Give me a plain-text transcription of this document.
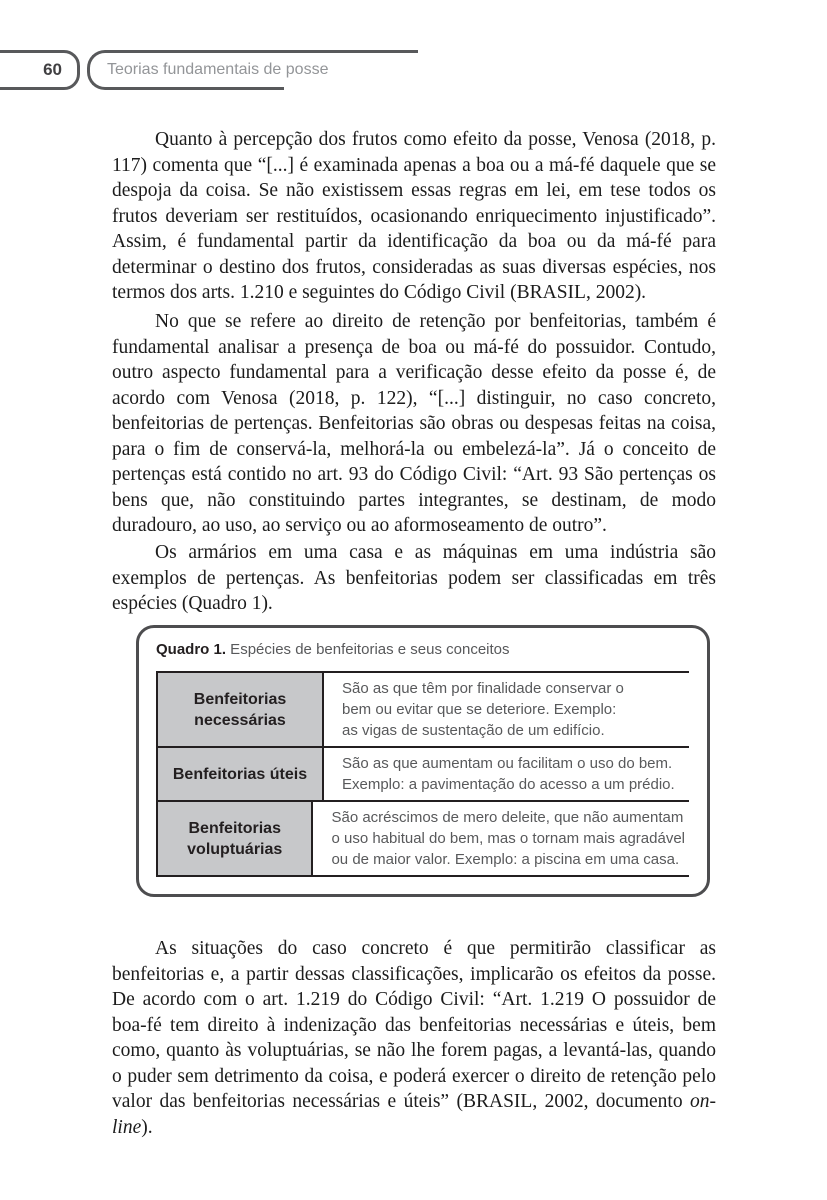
60	Teorias fundamentais de posse

Quanto à percepção dos frutos como efeito da posse, Venosa (2018, p. 117) comenta que “[...] é examinada apenas a boa ou a má-fé daquele que se despoja da coisa. Se não existissem essas regras em lei, em tese todos os frutos deveriam ser restituídos, ocasionando enriquecimento injustificado”. Assim, é fundamental partir da identificação da boa ou da má-fé para determinar o destino dos frutos, consideradas as suas diversas espécies, nos termos dos arts. 1.210 e seguintes do Código Civil (BRASIL, 2002).

No que se refere ao direito de retenção por benfeitorias, também é fundamental analisar a presença de boa ou má-fé do possuidor. Contudo, outro aspecto fundamental para a verificação desse efeito da posse é, de acordo com Venosa (2018, p. 122), “[...] distinguir, no caso concreto, benfeitorias de pertenças. Benfeitorias são obras ou despesas feitas na coisa, para o fim de conservá-la, melhorá-la ou embelezá-la”. Já o conceito de pertenças está contido no art. 93 do Código Civil: “Art. 93 São pertenças os bens que, não constituindo partes integrantes, se destinam, de modo duradouro, ao uso, ao serviço ou ao aformoseamento de outro”.

Os armários em uma casa e as máquinas em uma indústria são exemplos de pertenças. As benfeitorias podem ser classificadas em três espécies (Quadro 1).

Quadro 1. Espécies de benfeitorias e seus conceitos
Benfeitorias necessárias
São as que têm por finalidade conservar o
bem ou evitar que se deteriore. Exemplo:
as vigas de sustentação de um edifício.
Benfeitorias úteis
São as que aumentam ou facilitam o uso do bem.
Exemplo: a pavimentação do acesso a um prédio.
Benfeitorias voluptuárias
São acréscimos de mero deleite, que não aumentam
o uso habitual do bem, mas o tornam mais agradável
ou de maior valor. Exemplo: a piscina em uma casa.

As situações do caso concreto é que permitirão classificar as benfeitorias e, a partir dessas classificações, implicarão os efeitos da posse. De acordo com o art. 1.219 do Código Civil: “Art. 1.219 O possuidor de boa-fé tem direito à indenização das benfeitorias necessárias e úteis, bem como, quanto às voluptuárias, se não lhe forem pagas, a levantá-las, quando o puder sem detrimento da coisa, e poderá exercer o direito de retenção pelo valor das benfeitorias necessárias e úteis” (BRASIL, 2002, documento on-line).
